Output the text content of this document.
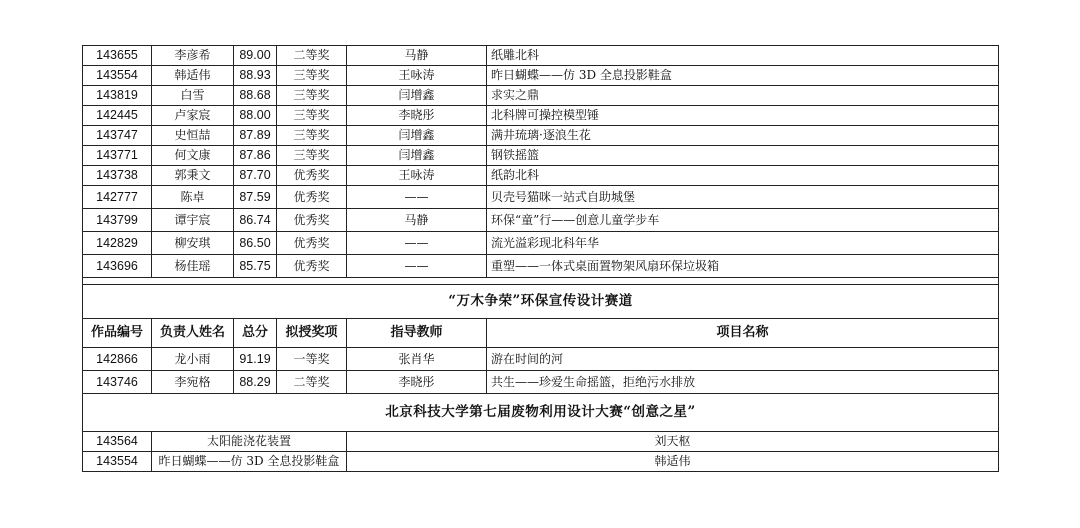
143655	李彦希	89.00	二等奖	马静	纸雕北科
143554	韩适伟	88.93	三等奖	王咏涛	昨日蝴蝶——仿 3D 全息投影鞋盒
143819	白雪	88.68	三等奖	闫增鑫	求实之鼎
142445	卢家宸	88.00	三等奖	李晓彤	北科牌可操控模型锤
143747	史恒喆	87.89	三等奖	闫增鑫	满井琉璃·逐浪生花
143771	何文康	87.86	三等奖	闫增鑫	钢铁摇篮
143738	郭秉文	87.70	优秀奖	王咏涛	纸韵北科
142777	陈卓	87.59	优秀奖	——	贝壳号猫咪一站式自助城堡
143799	谭宇宸	86.74	优秀奖	马静	环保“童”行——创意儿童学步车
142829	柳安琪	86.50	优秀奖	——	流光溢彩现北科年华
143696	杨佳瑶	85.75	优秀奖	——	重塑——一体式桌面置物架风扇环保垃圾箱

“万木争荣”环保宣传设计赛道					
作品编号	负责人姓名	总分	拟授奖项	指导教师	项目名称
142866	龙小雨	91.19	一等奖	张肖华	游在时间的河
143746	李宛格	88.29	二等奖	李晓彤	共生——珍爱生命摇篮，拒绝污水排放
北京科技大学第七届废物利用设计大赛“创意之星”					
143564	太阳能浇花装置			刘天枢	
143554	昨日蝴蝶——仿 3D 全息投影鞋盒			韩适伟	
